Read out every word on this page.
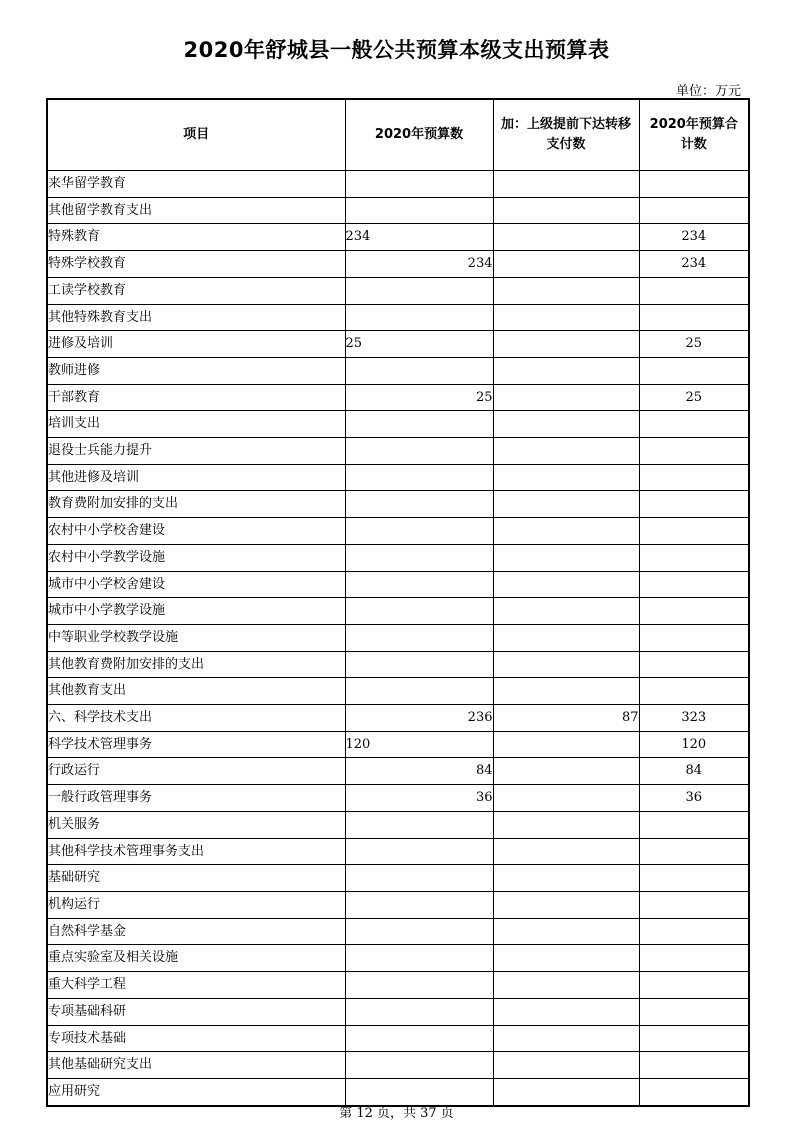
2020年舒城县一般公共预算本级支出预算表
单位：万元
项目	2020年预算数	加：上级提前下达转移支付数	2020年预算合计数
来华留学教育			
其他留学教育支出			
特殊教育	234		234
特殊学校教育	234		234
工读学校教育			
其他特殊教育支出			
进修及培训	25		25
教师进修			
干部教育	25		25
培训支出			
退役士兵能力提升			
其他进修及培训			
教育费附加安排的支出			
农村中小学校舍建设			
农村中小学教学设施			
城市中小学校舍建设			
城市中小学教学设施			
中等职业学校教学设施			
其他教育费附加安排的支出			
其他教育支出			
六、科学技术支出	236	87	323
科学技术管理事务	120		120
行政运行	84		84
一般行政管理事务	36		36
机关服务			
其他科学技术管理事务支出			
基础研究			
机构运行			
自然科学基金			
重点实验室及相关设施			
重大科学工程			
专项基础科研			
专项技术基础			
其他基础研究支出			
应用研究			
第 12 页，共 37 页
